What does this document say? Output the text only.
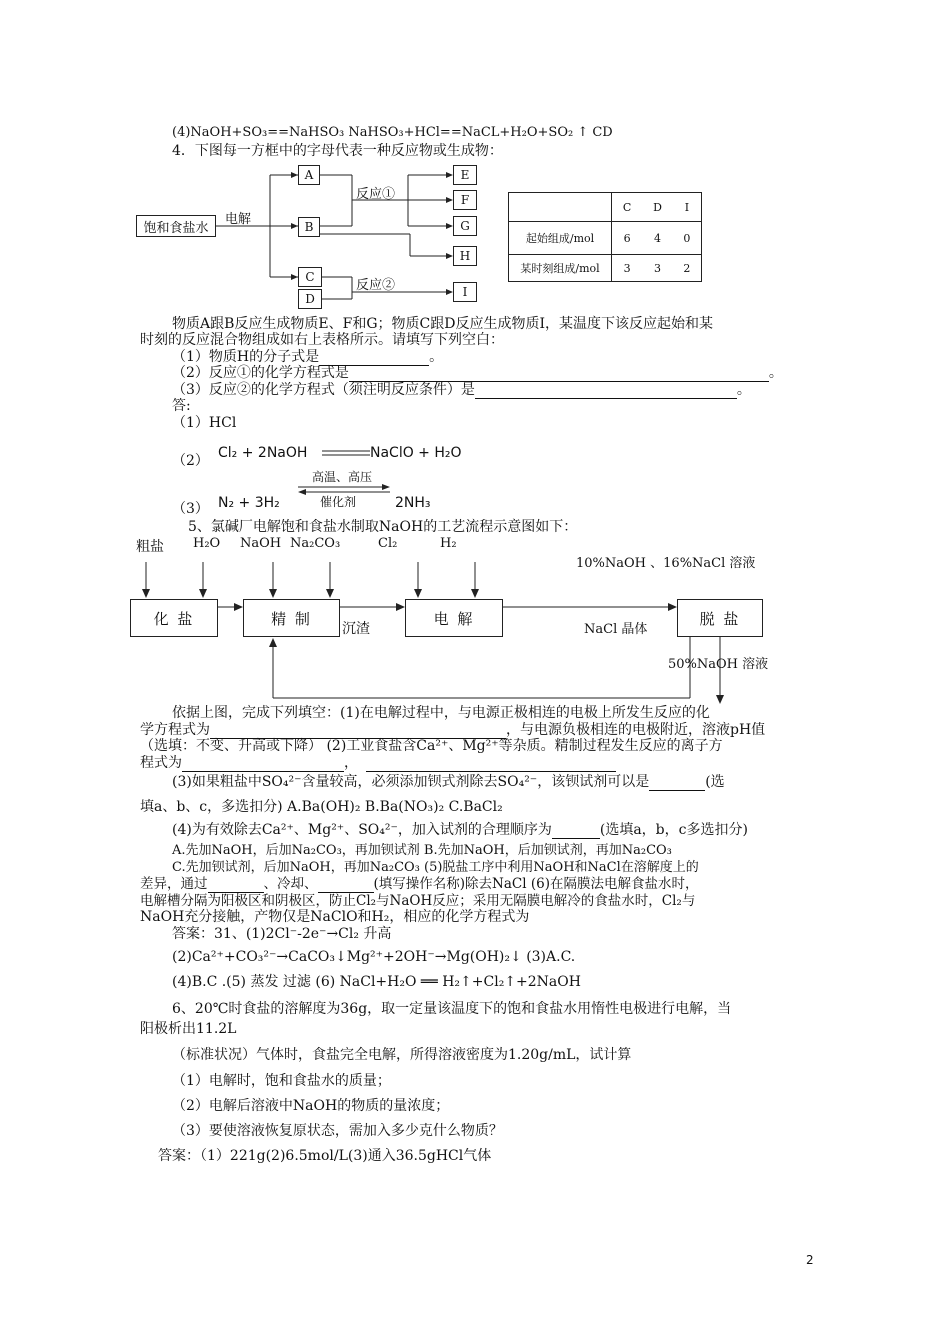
(4)NaOH+SO₃==NaHSO₃ NaHSO₃+HCl==NaCL+H₂O+SO₂ ↑ CD
4．下图每一方框中的字母代表一种反应物或生成物：
饱和食盐水
电解
A
B
C
D
反应①
反应②
E
F
G
H
I
	C	D	I
起始组成/mol	6	4	0
某时刻组成/mol	3	3	2
物质A跟B反应生成物质E、F和G；物质C跟D反应生成物质I，某温度下该反应起始和某
时刻的反应混合物组成如右上表格所示。请填写下列空白：
（1）物质H的分子式是	。
（2）反应①的化学方程式是	。
（3）反应②的化学方程式（须注明反应条件）是	。
答:
（1）HCl
（2） Cl₂ + 2NaOH	NaClO + H₂O
高温、高压
（3） N₂ + 3H₂	催化剂	2NH₃
5、氯碱厂电解饱和食盐水制取NaOH的工艺流程示意图如下：
粗盐 H₂O NaOH Na₂CO₃	Cl₂	H₂
10%NaOH 、16%NaCl 溶液
化 盐	精 制	电 解	脱 盐
沉渣	NaCl 晶体
50%NaOH 溶液
依据上图，完成下列填空：(1)在电解过程中，与电源正极相连的电极上所发生反应的化
学方程式为	，与电源负极相连的电极附近，溶液pH值
（选填：不变、升高或下降） (2)工业食盐含Ca²⁺、Mg²⁺等杂质。精制过程发生反应的离子方
程式为	，
(3)如果粗盐中SO₄²⁻含量较高，必须添加钡式剂除去SO₄²⁻，该钡试剂可以是	(选
填a、b、c，多选扣分) A.Ba(OH)₂ B.Ba(NO₃)₂ C.BaCl₂
(4)为有效除去Ca²⁺、Mg²⁺、SO₄²⁻，加入试剂的合理顺序为	(选填a，b，c多选扣分)
A.先加NaOH，后加Na₂CO₃，再加钡试剂 B.先加NaOH，后加钡试剂，再加Na₂CO₃
C.先加钡试剂，后加NaOH，再加Na₂CO₃ (5)脱盐工序中利用NaOH和NaCl在溶解度上的
差异，通过	、冷却、	(填写操作名称)除去NaCl (6)在隔膜法电解食盐水时，
电解槽分隔为阳极区和阴极区，防止Cl₂与NaOH反应；采用无隔膜电解冷的食盐水时，Cl₂与
NaOH充分接触，产物仅是NaClO和H₂，相应的化学方程式为
答案：31、(1)2Cl⁻-2e⁻→Cl₂ 升高
(2)Ca²⁺+CO₃²⁻→CaCO₃↓Mg²⁺+2OH⁻→Mg(OH)₂↓ (3)A.C.
(4)B.C .(5) 蒸发 过滤 (6) NaCl+H₂O ══ H₂↑+Cl₂↑+2NaOH
6、20℃时食盐的溶解度为36g，取一定量该温度下的饱和食盐水用惰性电极进行电解，当
阳极析出11.2L
（标准状况）气体时，食盐完全电解，所得溶液密度为1.20g/mL，试计算
（1）电解时，饱和食盐水的质量；
（2）电解后溶液中NaOH的物质的量浓度；
（3）要使溶液恢复原状态，需加入多少克什么物质？
答案：（1）221g(2)6.5mol/L(3)通入36.5gHCl气体
2
